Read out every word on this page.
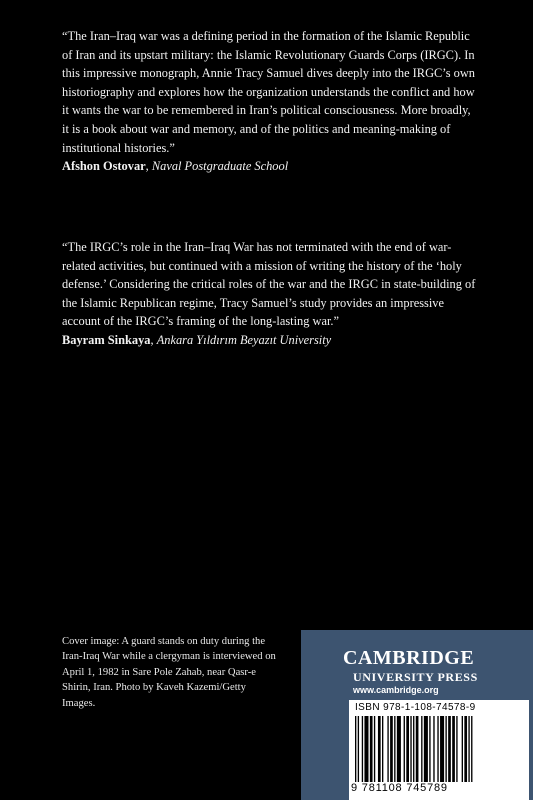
“The Iran–Iraq war was a defining period in the formation of the Islamic Republic of Iran and its upstart military: the Islamic Revolutionary Guards Corps (IRGC). In this impressive monograph, Annie Tracy Samuel dives deeply into the IRGC’s own historiography and explores how the organization understands the conflict and how it wants the war to be remembered in Iran’s political consciousness. More broadly, it is a book about war and memory, and of the politics and meaning-making of institutional histories.”

Afshon Ostovar, Naval Postgraduate School

“The IRGC’s role in the Iran–Iraq War has not terminated with the end of war-related activities, but continued with a mission of writing the history of the ‘holy defense.’ Considering the critical roles of the war and the IRGC in state-building of the Islamic Republican regime, Tracy Samuel’s study provides an impressive account of the IRGC’s framing of the long-lasting war.”

Bayram Sinkaya, Ankara Yıldırım Beyazıt University

Cover image: A guard stands on duty during the Iran-Iraq War while a clergyman is interviewed on April 1, 1982 in Sare Pole Zahab, near Qasr-e Shirin, Iran. Photo by Kaveh Kazemi/Getty Images.
CAMBRIDGE
UNIVERSITY PRESS
www.cambridge.org
ISBN 978-1-108-74578-9
9 781108 745789
